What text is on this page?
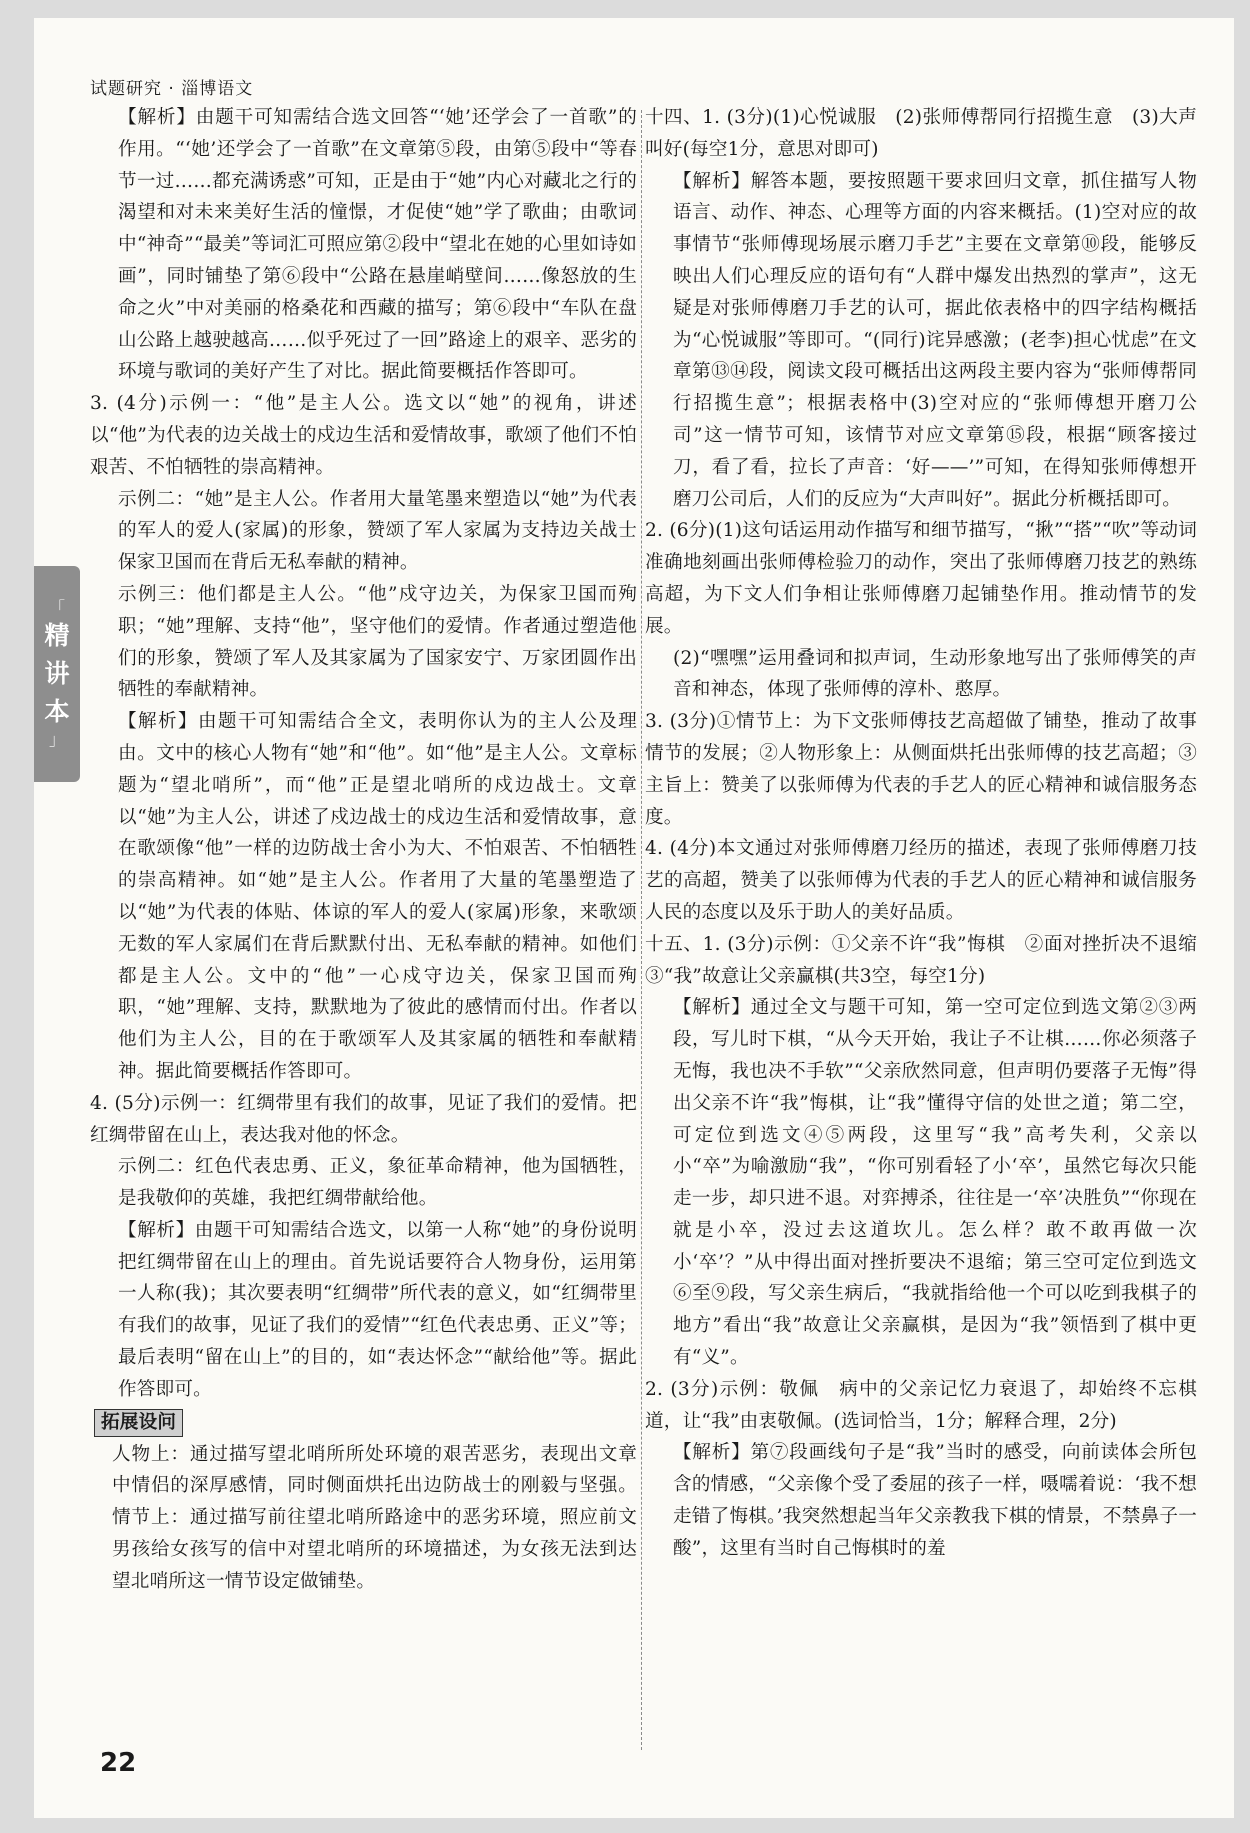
试题研究 · 淄博语文
「
精
讲
本
」

【解析】由题干可知需结合选文回答“‘她’还学会了一首歌”的作用。“‘她’还学会了一首歌”在文章第⑤段，由第⑤段中“等春节一过……都充满诱惑”可知，正是由于“她”内心对藏北之行的渴望和对未来美好生活的憧憬，才促使“她”学了歌曲；由歌词中“神奇”“最美”等词汇可照应第②段中“望北在她的心里如诗如画”，同时铺垫了第⑥段中“公路在悬崖峭壁间……像怒放的生命之火”中对美丽的格桑花和西藏的描写；第⑥段中“车队在盘山公路上越驶越高……似乎死过了一回”路途上的艰辛、恶劣的环境与歌词的美好产生了对比。据此简要概括作答即可。

3. (4分)示例一：“他”是主人公。选文以“她”的视角，讲述以“他”为代表的边关战士的戍边生活和爱情故事，歌颂了他们不怕艰苦、不怕牺牲的崇高精神。

示例二：“她”是主人公。作者用大量笔墨来塑造以“她”为代表的军人的爱人(家属)的形象，赞颂了军人家属为支持边关战士保家卫国而在背后无私奉献的精神。

示例三：他们都是主人公。“他”戍守边关，为保家卫国而殉职；“她”理解、支持“他”，坚守他们的爱情。作者通过塑造他们的形象，赞颂了军人及其家属为了国家安宁、万家团圆作出牺牲的奉献精神。

【解析】由题干可知需结合全文，表明你认为的主人公及理由。文中的核心人物有“她”和“他”。如“他”是主人公。文章标题为“望北哨所”，而“他”正是望北哨所的戍边战士。文章以“她”为主人公，讲述了戍边战士的戍边生活和爱情故事，意在歌颂像“他”一样的边防战士舍小为大、不怕艰苦、不怕牺牲的崇高精神。如“她”是主人公。作者用了大量的笔墨塑造了以“她”为代表的体贴、体谅的军人的爱人(家属)形象，来歌颂无数的军人家属们在背后默默付出、无私奉献的精神。如他们都是主人公。文中的“他”一心戍守边关，保家卫国而殉职，“她”理解、支持，默默地为了彼此的感情而付出。作者以他们为主人公，目的在于歌颂军人及其家属的牺牲和奉献精神。据此简要概括作答即可。

4. (5分)示例一：红绸带里有我们的故事，见证了我们的爱情。把红绸带留在山上，表达我对他的怀念。

示例二：红色代表忠勇、正义，象征革命精神，他为国牺牲，是我敬仰的英雄，我把红绸带献给他。

【解析】由题干可知需结合选文，以第一人称“她”的身份说明把红绸带留在山上的理由。首先说话要符合人物身份，运用第一人称(我)；其次要表明“红绸带”所代表的意义，如“红绸带里有我们的故事，见证了我们的爱情”“红色代表忠勇、正义”等；最后表明“留在山上”的目的，如“表达怀念”“献给他”等。据此作答即可。

拓展设问

人物上：通过描写望北哨所所处环境的艰苦恶劣，表现出文章中情侣的深厚感情，同时侧面烘托出边防战士的刚毅与坚强。情节上：通过描写前往望北哨所路途中的恶劣环境，照应前文男孩给女孩写的信中对望北哨所的环境描述，为女孩无法到达望北哨所这一情节设定做铺垫。

十四、1. (3分)(1)心悦诚服　(2)张师傅帮同行招揽生意　(3)大声叫好(每空1分，意思对即可)

【解析】解答本题，要按照题干要求回归文章，抓住描写人物语言、动作、神态、心理等方面的内容来概括。(1)空对应的故事情节“张师傅现场展示磨刀手艺”主要在文章第⑩段，能够反映出人们心理反应的语句有“人群中爆发出热烈的掌声”，这无疑是对张师傅磨刀手艺的认可，据此依表格中的四字结构概括为“心悦诚服”等即可。“(同行)诧异感激；(老李)担心忧虑”在文章第⑬⑭段，阅读文段可概括出这两段主要内容为“张师傅帮同行招揽生意”；根据表格中(3)空对应的“张师傅想开磨刀公司”这一情节可知，该情节对应文章第⑮段，根据“顾客接过刀，看了看，拉长了声音：‘好——’”可知，在得知张师傅想开磨刀公司后，人们的反应为“大声叫好”。据此分析概括即可。

2. (6分)(1)这句话运用动作描写和细节描写，“揪”“搭”“吹”等动词准确地刻画出张师傅检验刀的动作，突出了张师傅磨刀技艺的熟练高超，为下文人们争相让张师傅磨刀起铺垫作用。推动情节的发展。

(2)“嘿嘿”运用叠词和拟声词，生动形象地写出了张师傅笑的声音和神态，体现了张师傅的淳朴、憨厚。

3. (3分)①情节上：为下文张师傅技艺高超做了铺垫，推动了故事情节的发展；②人物形象上：从侧面烘托出张师傅的技艺高超；③主旨上：赞美了以张师傅为代表的手艺人的匠心精神和诚信服务态度。

4. (4分)本文通过对张师傅磨刀经历的描述，表现了张师傅磨刀技艺的高超，赞美了以张师傅为代表的手艺人的匠心精神和诚信服务人民的态度以及乐于助人的美好品质。

十五、1. (3分)示例：①父亲不许“我”悔棋　②面对挫折决不退缩　③“我”故意让父亲赢棋(共3空，每空1分)

【解析】通过全文与题干可知，第一空可定位到选文第②③两段，写儿时下棋，“从今天开始，我让子不让棋……你必须落子无悔，我也决不手软”“父亲欣然同意，但声明仍要落子无悔”得出父亲不许“我”悔棋，让“我”懂得守信的处世之道；第二空，可定位到选文④⑤两段，这里写“我”高考失利，父亲以小“卒”为喻激励“我”，“你可别看轻了小‘卒’，虽然它每次只能走一步，却只进不退。对弈搏杀，往往是一‘卒’决胜负”“你现在就是小卒，没过去这道坎儿。怎么样？敢不敢再做一次小‘卒’？”从中得出面对挫折要决不退缩；第三空可定位到选文⑥至⑨段，写父亲生病后，“我就指给他一个可以吃到我棋子的地方”看出“我”故意让父亲赢棋，是因为“我”领悟到了棋中更有“义”。

2. (3分)示例：敬佩　病中的父亲记忆力衰退了，却始终不忘棋道，让“我”由衷敬佩。(选词恰当，1分；解释合理，2分)

【解析】第⑦段画线句子是“我”当时的感受，向前读体会所包含的情感，“父亲像个受了委屈的孩子一样，嗫嚅着说：‘我不想走错了悔棋。’我突然想起当年父亲教我下棋的情景，不禁鼻子一酸”，这里有当时自己悔棋时的羞

22
